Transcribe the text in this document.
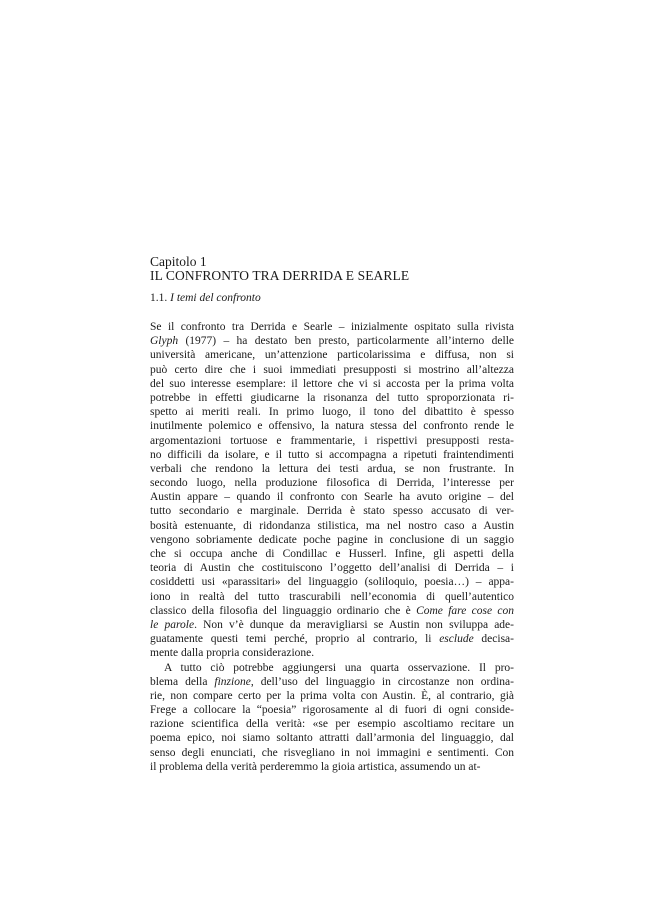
Capitolo 1
IL CONFRONTO TRA DERRIDA E SEARLE
1.1. I temi del confronto

Se il confronto tra Derrida e Searle – inizialmente ospitato sulla rivista
Glyph (1977) – ha destato ben presto, particolarmente all’interno delle
università americane, un’attenzione particolarissima e diffusa, non si
può certo dire che i suoi immediati presupposti si mostrino all’altezza
del suo interesse esemplare: il lettore che vi si accosta per la prima volta
potrebbe in effetti giudicarne la risonanza del tutto sproporzionata ri-
spetto ai meriti reali. In primo luogo, il tono del dibattito è spesso
inutilmente polemico e offensivo, la natura stessa del confronto rende le
argomentazioni tortuose e frammentarie, i rispettivi presupposti resta-
no difficili da isolare, e il tutto si accompagna a ripetuti fraintendimenti
verbali che rendono la lettura dei testi ardua, se non frustrante. In
secondo luogo, nella produzione filosofica di Derrida, l’interesse per
Austin appare – quando il confronto con Searle ha avuto origine – del
tutto secondario e marginale. Derrida è stato spesso accusato di ver-
bosità estenuante, di ridondanza stilistica, ma nel nostro caso a Austin
vengono sobriamente dedicate poche pagine in conclusione di un saggio
che si occupa anche di Condillac e Husserl. Infine, gli aspetti della
teoria di Austin che costituiscono l’oggetto dell’analisi di Derrida – i
cosiddetti usi «parassitari» del linguaggio (soliloquio, poesia…) – appa-
iono in realtà del tutto trascurabili nell’economia di quell’autentico
classico della filosofia del linguaggio ordinario che è Come fare cose con
le parole. Non v’è dunque da meravigliarsi se Austin non sviluppa ade-
guatamente questi temi perché, proprio al contrario, li esclude decisa-
mente dalla propria considerazione.

A tutto ciò potrebbe aggiungersi una quarta osservazione. Il pro-
blema della finzione, dell’uso del linguaggio in circostanze non ordina-
rie, non compare certo per la prima volta con Austin. È, al contrario, già
Frege a collocare la “poesia” rigorosamente al di fuori di ogni conside-
razione scientifica della verità: «se per esempio ascoltiamo recitare un
poema epico, noi siamo soltanto attratti dall’armonia del linguaggio, dal
senso degli enunciati, che risvegliano in noi immagini e sentimenti. Con
il problema della verità perderemmo la gioia artistica, assumendo un at-
